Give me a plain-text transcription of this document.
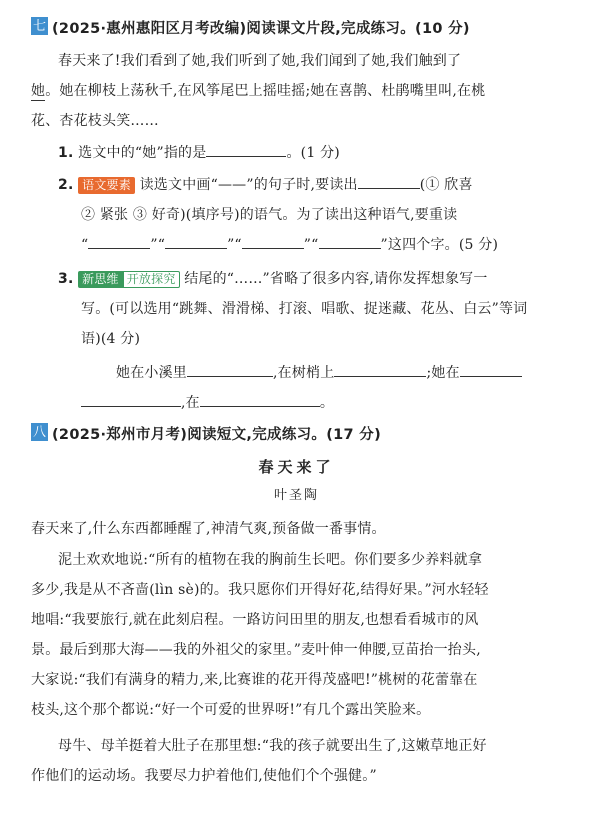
七 (2025·惠州惠阳区月考改编)阅读课文片段,完成练习。(10 分)
春天来了!我们看到了她,我们听到了她,我们闻到了她,我们触到了
她。她在柳枝上荡秋千,在风筝尾巴上摇哇摇;她在喜鹊、杜鹃嘴里叫,在桃
花、杏花枝头笑……
1. 选文中的“她”指的是	。(1 分)
2. 语文要素 读选文中画“——”的句子时,要读出	(① 欣喜
② 紧张 ③ 好奇)(填序号)的语气。为了读出这种语气,要重读
“	”“	”“	”“	”这四个字。(5 分)
3. 新思维 开放探究 结尾的“……”省略了很多内容,请你发挥想象写一
写。(可以选用“跳舞、滑滑梯、打滚、唱歌、捉迷藏、花丛、白云”等词
语)(4 分)
她在小溪里	,在树梢上	;她在
,在	。
八 (2025·郑州市月考)阅读短文,完成练习。(17 分)
春天来了
叶圣陶
春天来了,什么东西都睡醒了,神清气爽,预备做一番事情。
泥土欢欢地说:“所有的植物在我的胸前生长吧。你们要多少养料就拿
多少,我是从不吝啬(lìn sè)的。我只愿你们开得好花,结得好果。”河水轻轻
地唱:“我要旅行,就在此刻启程。一路访问田里的朋友,也想看看城市的风
景。最后到那大海——我的外祖父的家里。”麦叶伸一伸腰,豆苗抬一抬头,
大家说:“我们有满身的精力,来,比赛谁的花开得茂盛吧!”桃树的花蕾靠在
枝头,这个那个都说:“好一个可爱的世界呀!”有几个露出笑脸来。
母牛、母羊挺着大肚子在那里想:“我的孩子就要出生了,这嫩草地正好
作他们的运动场。我要尽力护着他们,使他们个个强健。”
